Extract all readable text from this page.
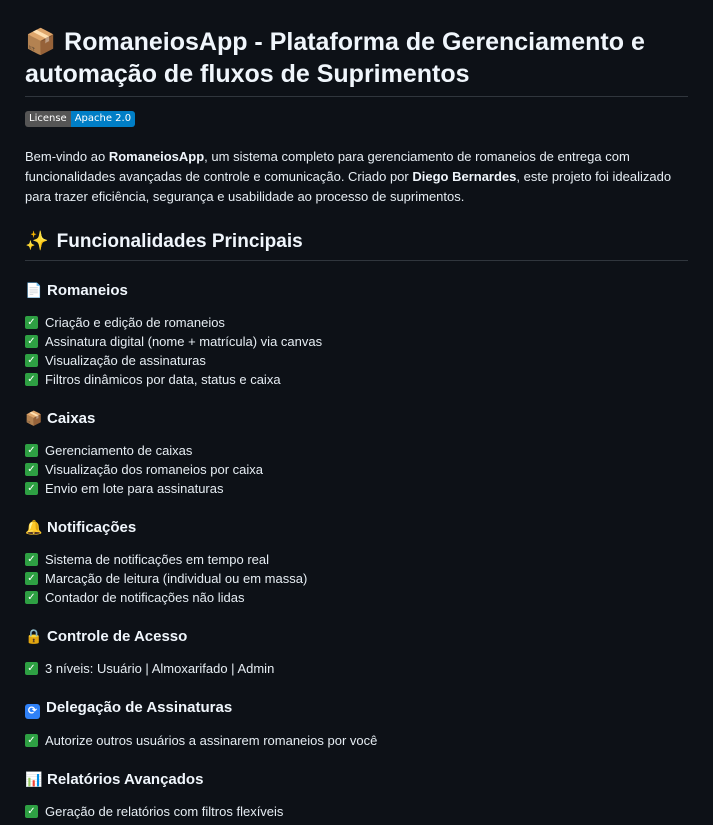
📦 RomaneiosApp - Plataforma de Gerenciamento e automação de fluxos de Suprimentos
License Apache 2.0

Bem-vindo ao RomaneiosApp, um sistema completo para gerenciamento de romaneios de entrega com funcionalidades avançadas de controle e comunicação. Criado por Diego Bernardes, este projeto foi idealizado para trazer eficiência, segurança e usabilidade ao processo de suprimentos.

✨ Funcionalidades Principais
📄 Romaneios
✓ Criação e edição de romaneios
✓ Assinatura digital (nome + matrícula) via canvas
✓ Visualização de assinaturas
✓ Filtros dinâmicos por data, status e caixa
📦 Caixas
✓ Gerenciamento de caixas
✓ Visualização dos romaneios por caixa
✓ Envio em lote para assinaturas
🔔 Notificações
✓ Sistema de notificações em tempo real
✓ Marcação de leitura (individual ou em massa)
✓ Contador de notificações não lidas
🔒 Controle de Acesso
✓ 3 níveis: Usuário | Almoxarifado | Admin
⟳ Delegação de Assinaturas
✓ Autorize outros usuários a assinarem romaneios por você
📊 Relatórios Avançados
✓ Geração de relatórios com filtros flexíveis
